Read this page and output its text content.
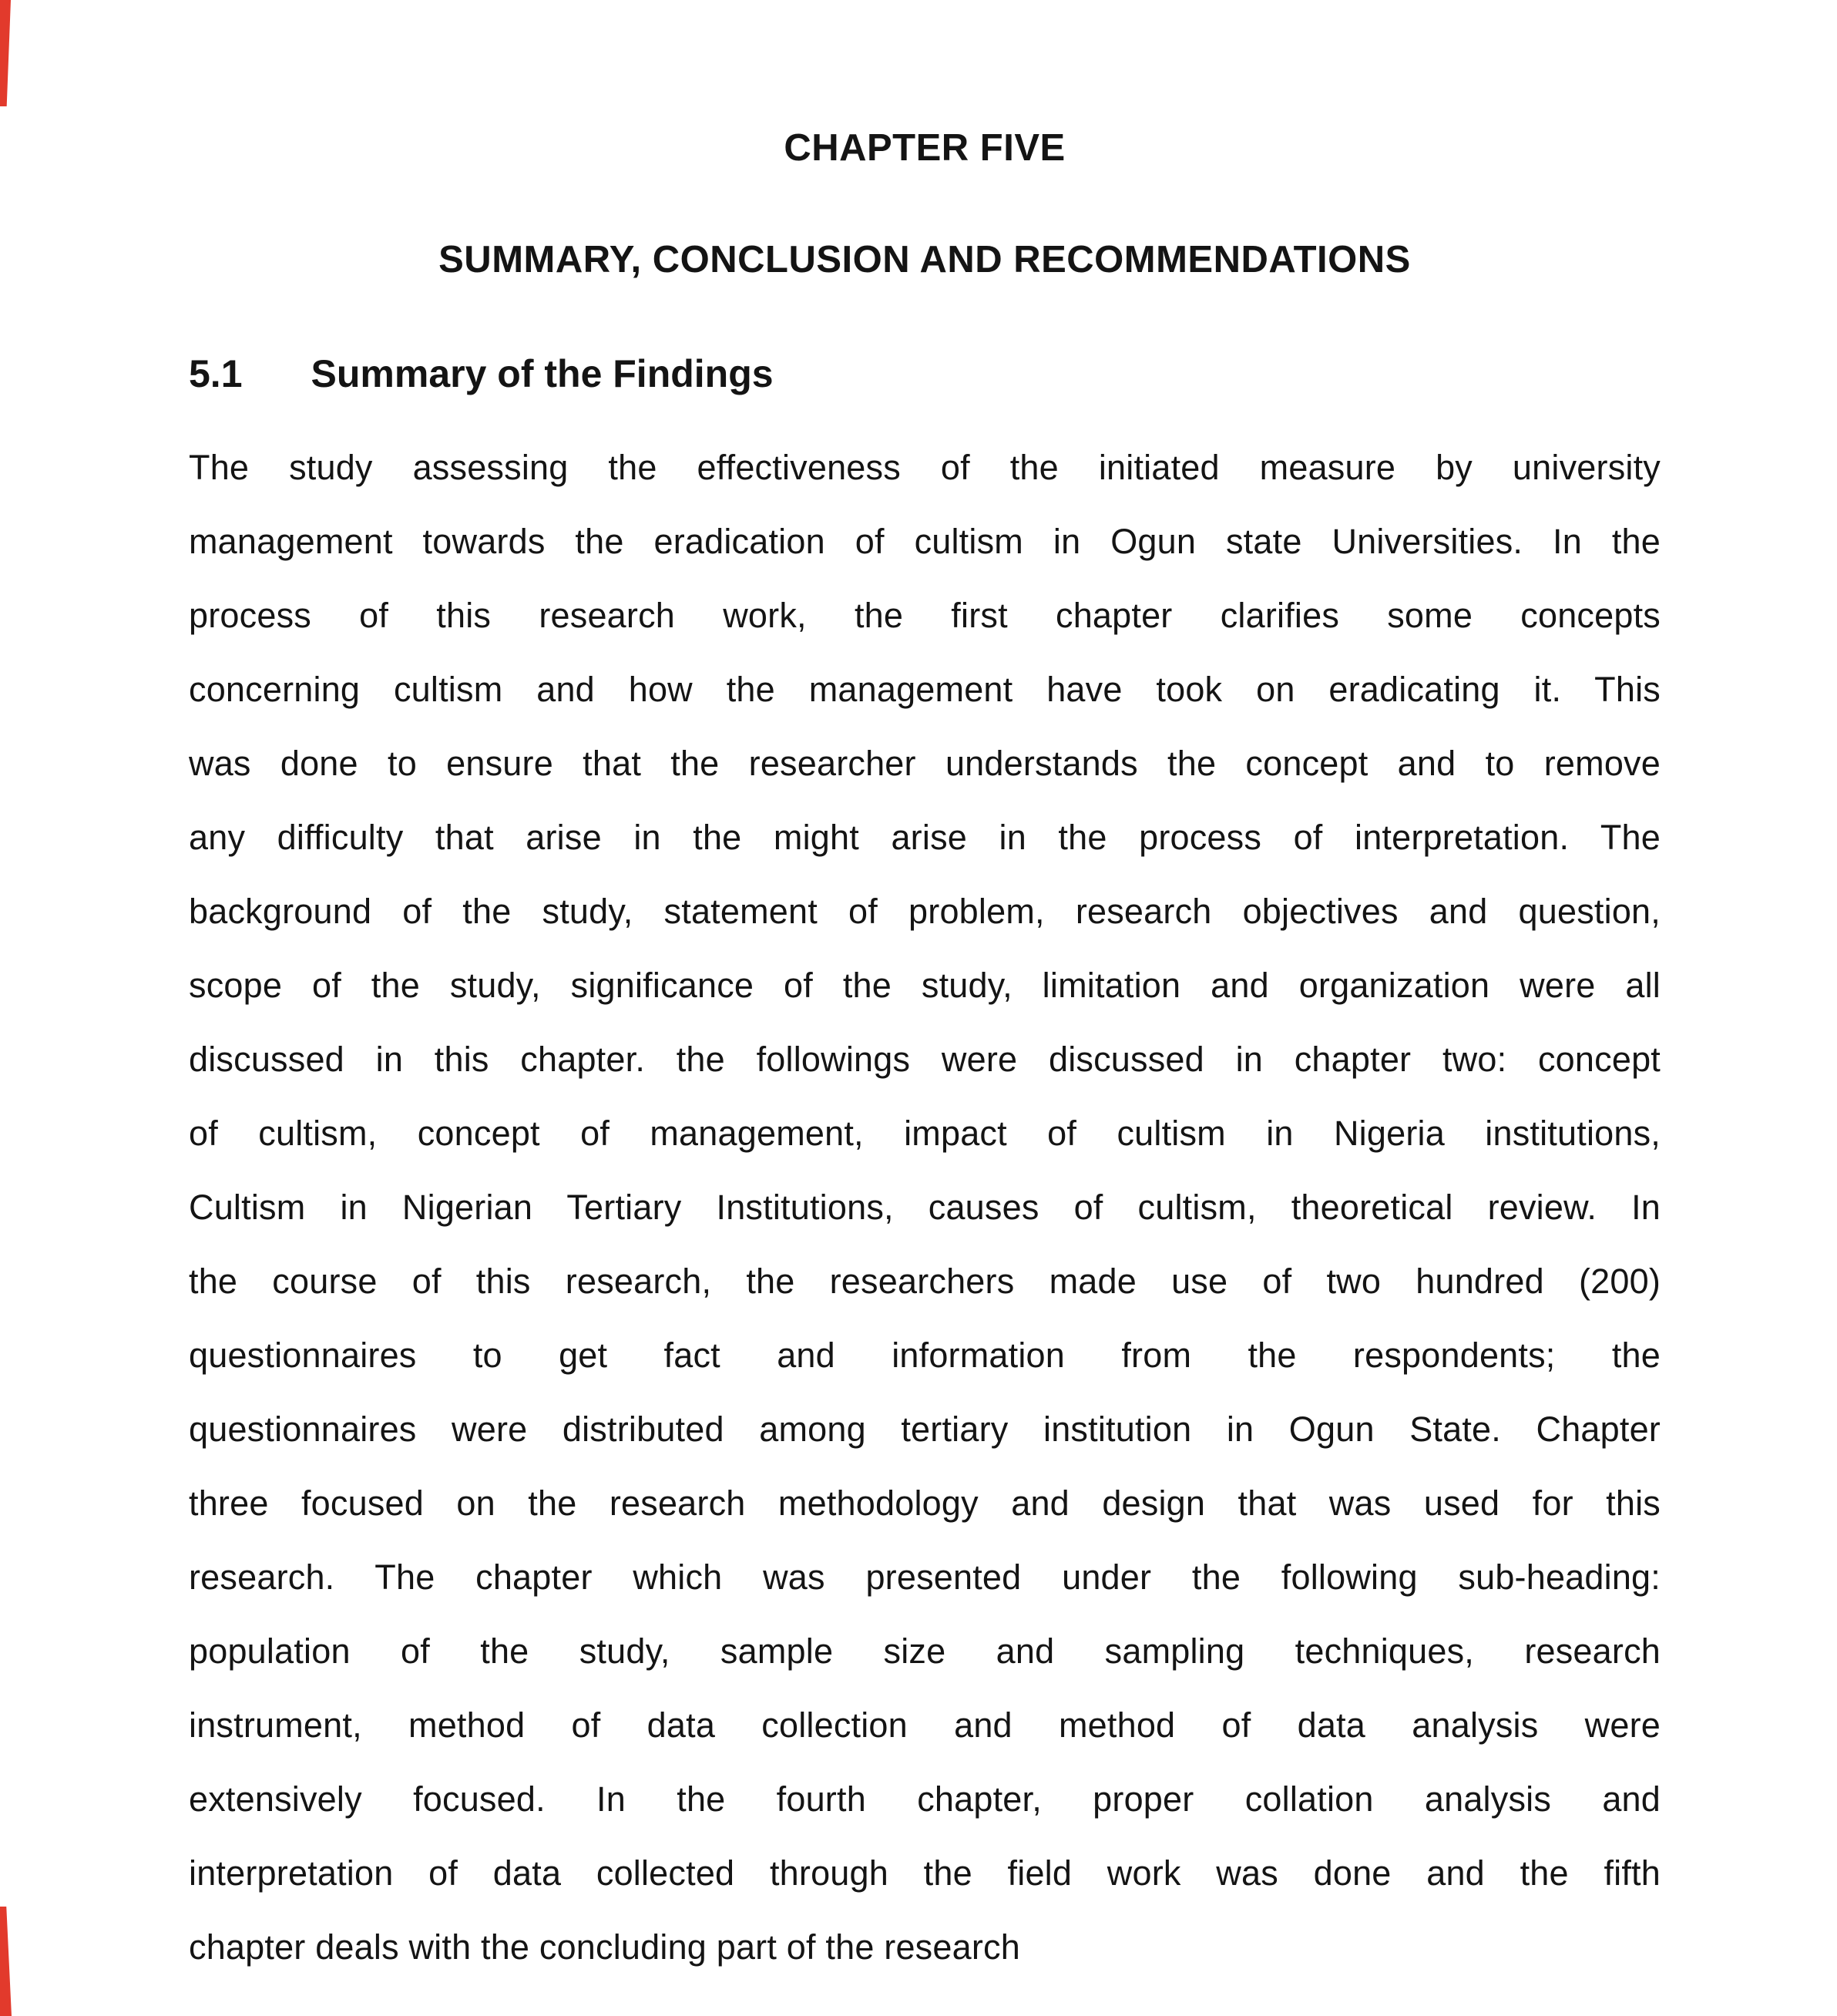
CHAPTER FIVE
SUMMARY, CONCLUSION AND RECOMMENDATIONS
5.1 Summary of the Findings
The study assessing the effectiveness of the initiated measure by university
management towards the eradication of cultism in Ogun state Universities. In the
process of this research work, the first chapter clarifies some concepts
concerning cultism and how the management have took on eradicating it. This
was done to ensure that the researcher understands the concept and to remove
any difficulty that arise in the might arise in the process of interpretation. The
background of the study, statement of problem, research objectives and question,
scope of the study, significance of the study, limitation and organization were all
discussed in this chapter. the followings were discussed in chapter two: concept
of cultism, concept of management, impact of cultism in Nigeria institutions,
Cultism in Nigerian Tertiary Institutions, causes of cultism, theoretical review. In
the course of this research, the researchers made use of two hundred (200)
questionnaires to get fact and information from the respondents; the
questionnaires were distributed among tertiary institution in Ogun State. Chapter
three focused on the research methodology and design that was used for this
research. The chapter which was presented under the following sub-heading:
population of the study, sample size and sampling techniques, research
instrument, method of data collection and method of data analysis were
extensively focused. In the fourth chapter, proper collation analysis and
interpretation of data collected through the field work was done and the fifth
chapter deals with the concluding part of the research
